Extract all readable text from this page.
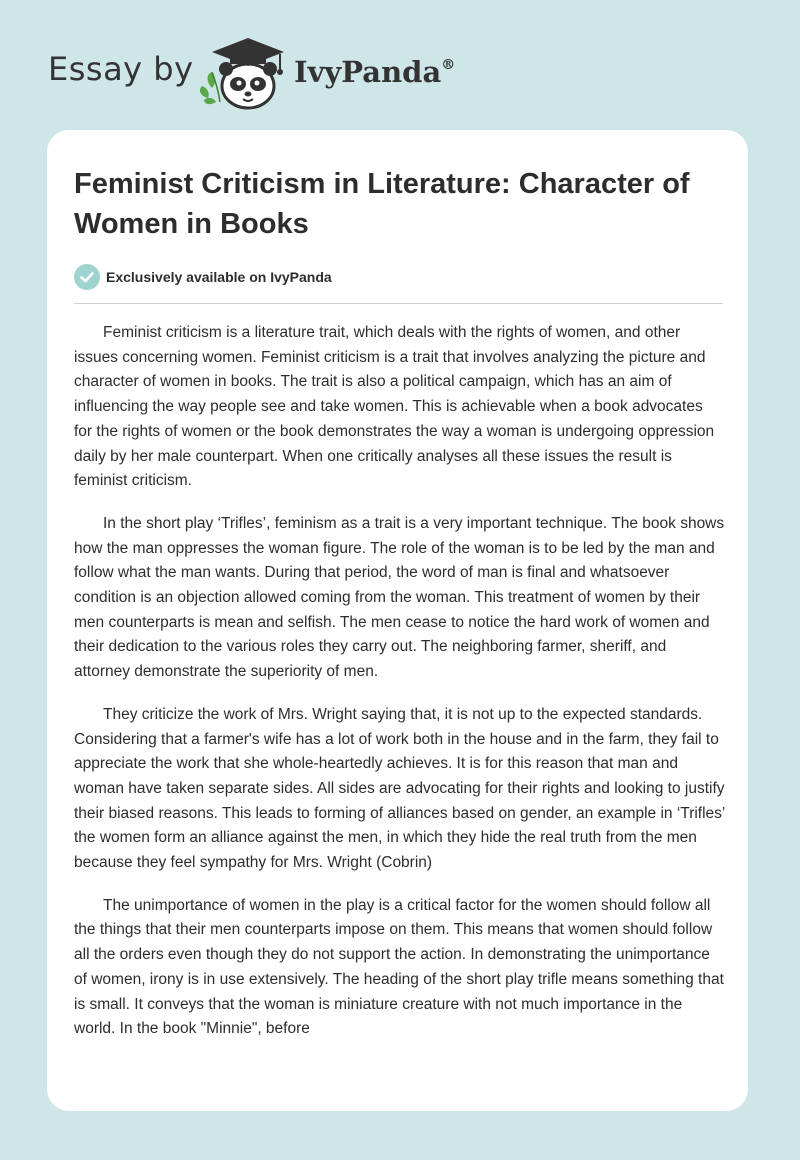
Essay by	IvyPanda®
Feminist Criticism in Literature: Character of Women in Books
Exclusively available on IvyPanda

Feminist criticism is a literature trait, which deals with the rights of women, and other issues concerning women. Feminist criticism is a trait that involves analyzing the picture and character of women in books. The trait is also a political campaign, which has an aim of influencing the way people see and take women. This is achievable when a book advocates for the rights of women or the book demonstrates the way a woman is undergoing oppression daily by her male counterpart. When one critically analyses all these issues the result is feminist criticism.

In the short play ‘Trifles’, feminism as a trait is a very important technique. The book shows how the man oppresses the woman figure. The role of the woman is to be led by the man and follow what the man wants. During that period, the word of man is final and whatsoever condition is an objection allowed coming from the woman. This treatment of women by their men counterparts is mean and selfish. The men cease to notice the hard work of women and their dedication to the various roles they carry out. The neighboring farmer, sheriff, and attorney demonstrate the superiority of men.

They criticize the work of Mrs. Wright saying that, it is not up to the expected standards. Considering that a farmer's wife has a lot of work both in the house and in the farm, they fail to appreciate the work that she whole-heartedly achieves. It is for this reason that man and woman have taken separate sides. All sides are advocating for their rights and looking to justify their biased reasons. This leads to forming of alliances based on gender, an example in ‘Trifles’ the women form an alliance against the men, in which they hide the real truth from the men because they feel sympathy for Mrs. Wright (Cobrin)

The unimportance of women in the play is a critical factor for the women should follow all the things that their men counterparts impose on them. This means that women should follow all the orders even though they do not support the action. In demonstrating the unimportance of women, irony is in use extensively. The heading of the short play trifle means something that is small. It conveys that the woman is miniature creature with not much importance in the world. In the book "Minnie", before
